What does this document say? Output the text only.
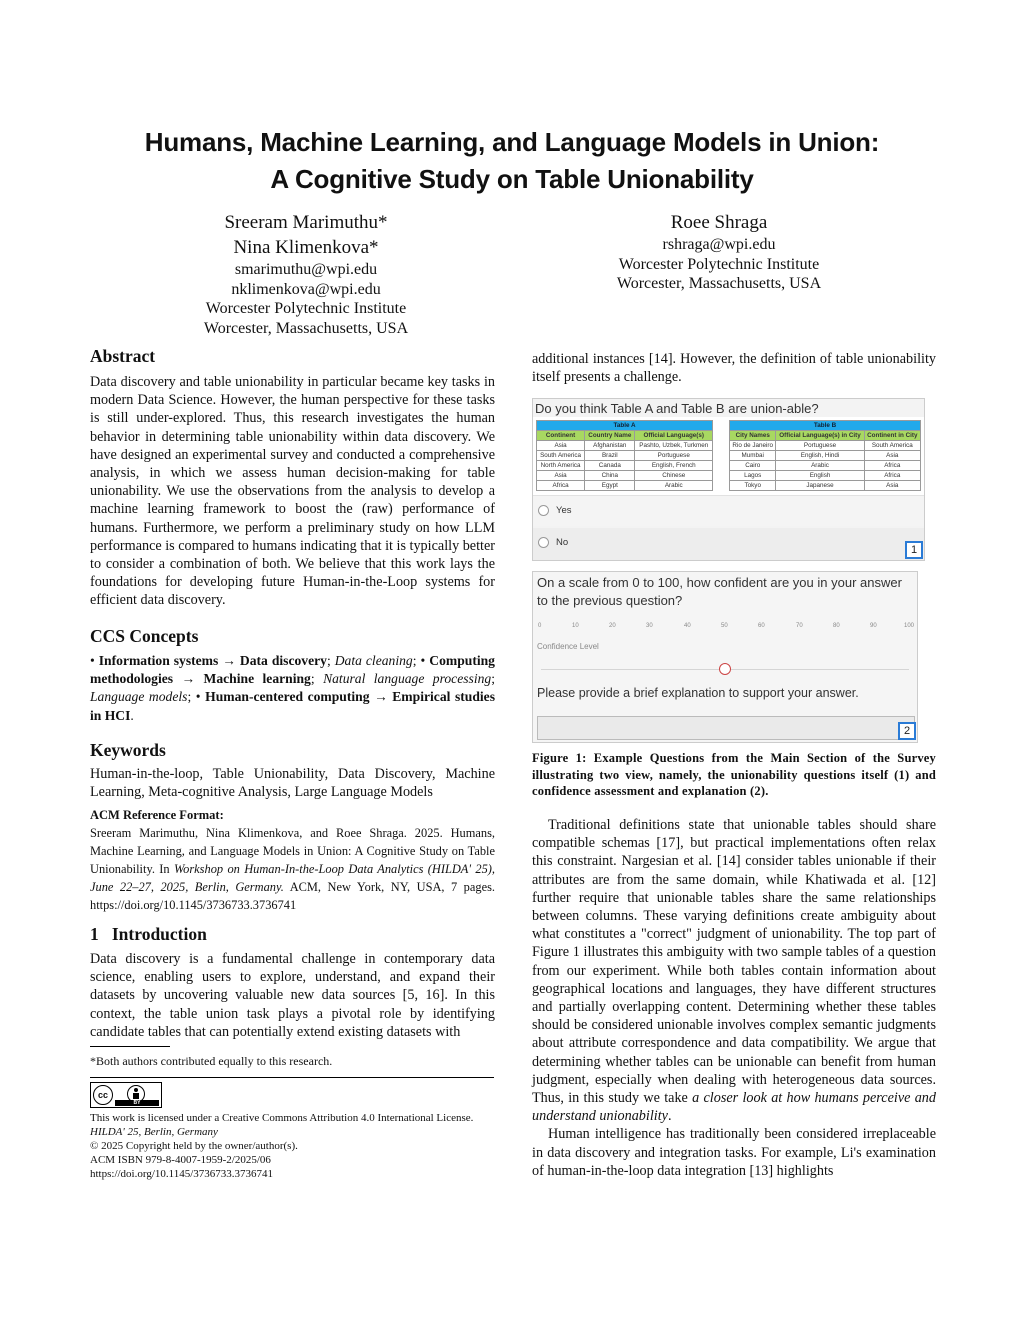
Humans, Machine Learning, and Language Models in Union:
A Cognitive Study on Table Unionability
Sreeram Marimuthu*
Nina Klimenkova*
smarimuthu@wpi.edu
nklimenkova@wpi.edu
Worcester Polytechnic Institute
Worcester, Massachusetts, USA
Roee Shraga
rshraga@wpi.edu
Worcester Polytechnic Institute
Worcester, Massachusetts, USA
Abstract
Data discovery and table unionability in particular became key tasks in modern Data Science. However, the human perspective for these tasks is still under-explored. Thus, this research investigates the human behavior in determining table unionability within data discovery. We have designed an experimental survey and conducted a comprehensive analysis, in which we assess human decision-making for table unionability. We use the observations from the analysis to develop a machine learning framework to boost the (raw) performance of humans. Furthermore, we perform a preliminary study on how LLM performance is compared to humans indicating that it is typically better to consider a combination of both. We believe that this work lays the foundations for developing future Human-in-the-Loop systems for efficient data discovery.
CCS Concepts
• Information systems → Data discovery; Data cleaning; • Computing methodologies → Machine learning; Natural language processing; Language models; • Human-centered computing → Empirical studies in HCI.
Keywords
Human-in-the-loop, Table Unionability, Data Discovery, Machine Learning, Meta-cognitive Analysis, Large Language Models
ACM Reference Format:
Sreeram Marimuthu, Nina Klimenkova, and Roee Shraga. 2025. Humans, Machine Learning, and Language Models in Union: A Cognitive Study on Table Unionability. In Workshop on Human-In-the-Loop Data Analytics (HILDA' 25), June 22–27, 2025, Berlin, Germany. ACM, New York, NY, USA, 7 pages. https://doi.org/10.1145/3736733.3736741
1 Introduction
Data discovery is a fundamental challenge in contemporary data science, enabling users to explore, understand, and expand their datasets by uncovering valuable new data sources [5, 16]. In this context, the table union task plays a pivotal role by identifying candidate tables that can potentially extend existing datasets with
*Both authors contributed equally to this research.
cc
BY
This work is licensed under a Creative Commons Attribution 4.0 International License.
HILDA' 25, Berlin, Germany
© 2025 Copyright held by the owner/author(s).
ACM ISBN 979-8-4007-1959-2/2025/06
https://doi.org/10.1145/3736733.3736741
additional instances [14]. However, the definition of table unionability itself presents a challenge.
Do you think Table A and Table B are union-able?
Table A		
Continent	Country Name	Official Language(s)
Asia	Afghanistan	Pashto, Uzbek, Turkmen
South America	Brazil	Portuguese
North America	Canada	English, French
Asia	China	Chinese
Africa	Egypt	Arabic
Table B		
City Names	Official Language(s) in City	Continent in City
Rio de Janeiro	Portuguese	South America
Mumbai	English, Hindi	Asia
Cairo	Arabic	Africa
Lagos	English	Africa
Tokyo	Japanese	Asia
Yes
No
1
On a scale from 0 to 100, how confident are you in your answer to the previous question?
0	10	20	30	40	50	60	70	80	90	100
Confidence Level
Please provide a brief explanation to support your answer.
2
Figure 1: Example Questions from the Main Section of the Survey illustrating two view, namely, the unionability questions itself (1) and confidence assessment and explanation (2).

Traditional definitions state that unionable tables should share compatible schemas [17], but practical implementations often relax this constraint. Nargesian et al. [14] consider tables unionable if their attributes are from the same domain, while Khatiwada et al. [12] further require that unionable tables share the same relationships between columns. These varying definitions create ambiguity about what constitutes a "correct" judgment of unionability. The top part of Figure 1 illustrates this ambiguity with two sample tables of a question from our experiment. While both tables contain information about geographical locations and languages, they have different structures and partially overlapping content. Determining whether these tables should be considered unionable involves complex semantic judgments about attribute correspondence and data compatibility. We argue that determining whether tables can be unionable can benefit from human judgment, especially when dealing with heterogeneous data sources. Thus, in this study we take a closer look at how humans perceive and understand unionability.

Human intelligence has traditionally been considered irreplaceable in data discovery and integration tasks. For example, Li's examination of human-in-the-loop data integration [13] highlights
